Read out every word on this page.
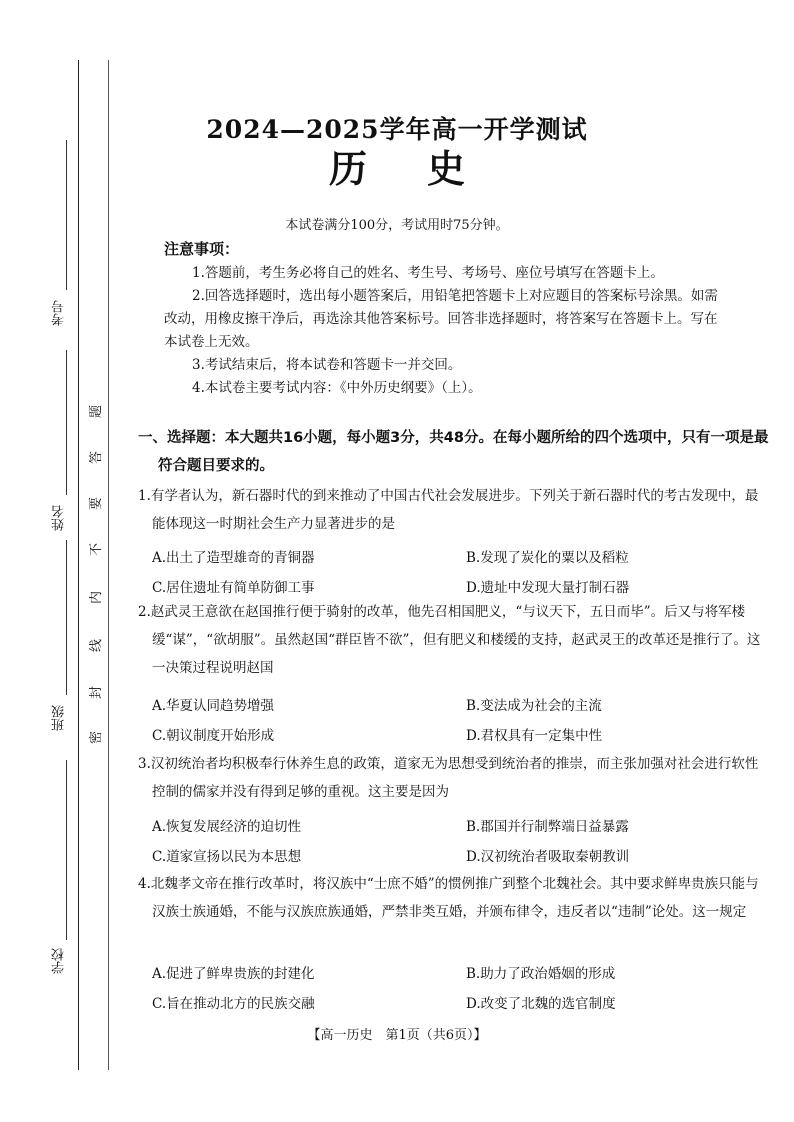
考号
姓名
班级
学校
密
封
线
内
不
要
答
题
2024—2025学年高一开学测试
历史
本试卷满分100分，考试用时75分钟。
注意事项：
1.答题前，考生务必将自己的姓名、考生号、考场号、座位号填写在答题卡上。
2.回答选择题时，选出每小题答案后，用铅笔把答题卡上对应题目的答案标号涂黑。如需改动，用橡皮擦干净后，再选涂其他答案标号。回答非选择题时，将答案写在答题卡上。写在本试卷上无效。
3.考试结束后，将本试卷和答题卡一并交回。
4.本试卷主要考试内容：《中外历史纲要》（上）。
一、选择题：本大题共16小题，每小题3分，共48分。在每小题所给的四个选项中，只有一项是最符合题目要求的。
1.有学者认为，新石器时代的到来推动了中国古代社会发展进步。下列关于新石器时代的考古发现中，最能体现这一时期社会生产力显著进步的是
A.出土了造型雄奇的青铜器	B.发现了炭化的粟以及稻粒
C.居住遗址有简单防御工事	D.遗址中发现大量打制石器
2.赵武灵王意欲在赵国推行便于骑射的改革，他先召相国肥义，“与议天下，五日而毕”。后又与将军楼缓“谋”，“欲胡服”。虽然赵国“群臣皆不欲”，但有肥义和楼缓的支持，赵武灵王的改革还是推行了。这一决策过程说明赵国
A.华夏认同趋势增强	B.变法成为社会的主流
C.朝议制度开始形成	D.君权具有一定集中性
3.汉初统治者均积极奉行休养生息的政策，道家无为思想受到统治者的推崇，而主张加强对社会进行软性控制的儒家并没有得到足够的重视。这主要是因为
A.恢复发展经济的迫切性	B.郡国并行制弊端日益暴露
C.道家宣扬以民为本思想	D.汉初统治者吸取秦朝教训
4.北魏孝文帝在推行改革时，将汉族中“士庶不婚”的惯例推广到整个北魏社会。其中要求鲜卑贵族只能与汉族士族通婚，不能与汉族庶族通婚，严禁非类互婚，并颁布律令，违反者以“违制”论处。这一规定
A.促进了鲜卑贵族的封建化	B.助力了政治婚姻的形成
C.旨在推动北方的民族交融	D.改变了北魏的选官制度
【高一历史　第1页（共6页）】
